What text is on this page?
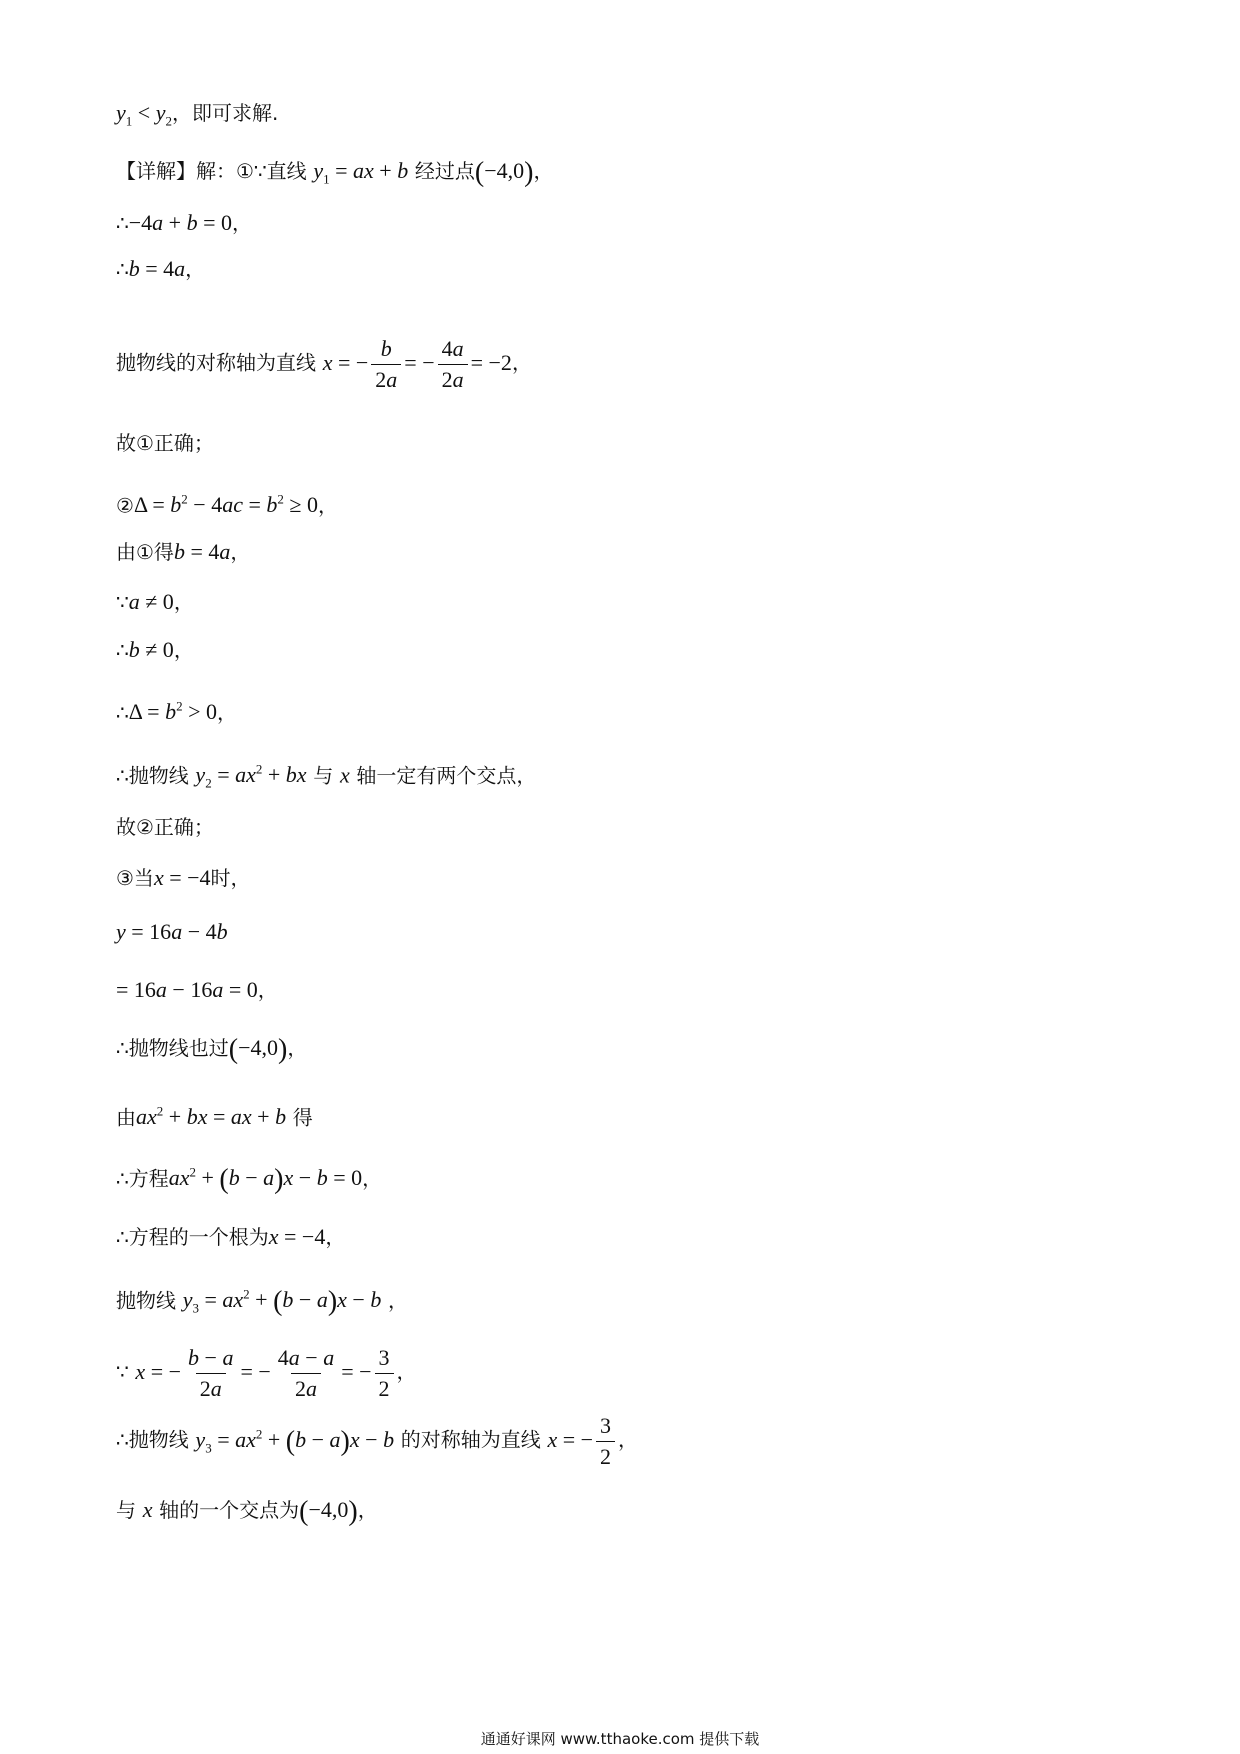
$y_1 < y_2$，即可求解.
【详解】解：①∵直线 $y_1$ = ax + b 经过点(−4,0)，
∴−4a + b = 0，
∴b = 4a，
抛物线的对称轴为直线 x = − $\frac{b}{2a}$ = − $\frac{4a}{2a} = -2$，
故①正确；
②Δ = $b^2 - 4ac = b^2 \ge 0$，
由①得b = 4a，
∵a ≠ 0，
∴b ≠ 0，
∴Δ = $b^2 > 0$，
∴抛物线 $y_2 = ax^2$ + bx 与 x 轴一定有两个交点，
故②正确；
③当x = −4时，
y = 16a − 4b
= 16a − 16a = 0，
∴抛物线也过(−4,0)，
由$ax^2$ + bx = ax + b 得
∴方程$ax^2 + (b - a)x - b = 0$，
∴方程的一个根为x = −4，
抛物线 $y_3 = ax^2 + (b - a)x - b$ ，
∵ x = − $\frac{b - a}{2a}$ = − $\frac{4a - a}{2a}$ = − $\frac{3}{2}$ ，
∴抛物线 $y_3 = ax^2 + (b - a)x - b$ 的对称轴为直线 x = − $\frac{3}{2}$ ，
与 x 轴的一个交点为(−4,0)，
通通好课网 www.tthaoke.com 提供下载
